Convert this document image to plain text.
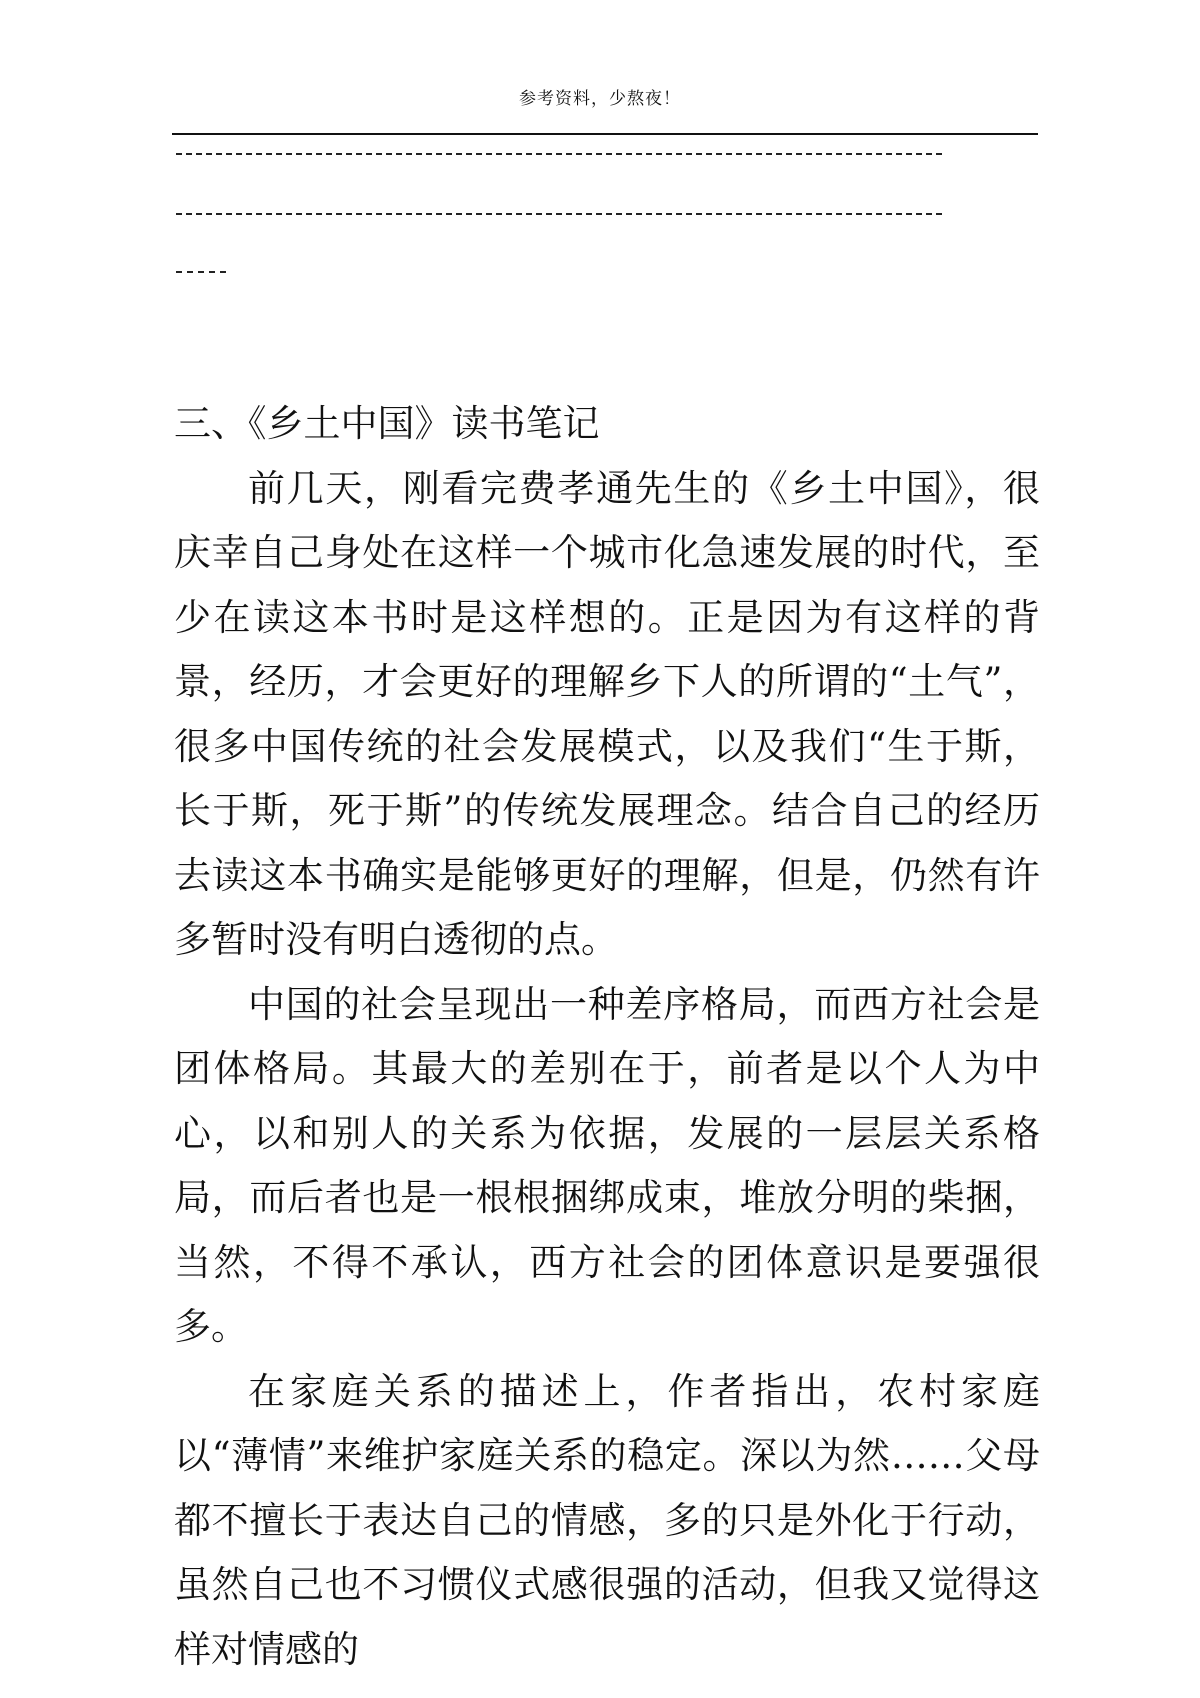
参考资料，少熬夜！
三、《乡土中国》读书笔记

前几天，刚看完费孝通先生的《乡土中国》，很庆幸自己身处在这样一个城市化急速发展的时代，至少在读这本书时是这样想的。正是因为有这样的背景，经历，才会更好的理解乡下人的所谓的“土气”，很多中国传统的社会发展模式，以及我们“生于斯，长于斯，死于斯”的传统发展理念。结合自己的经历去读这本书确实是能够更好的理解，但是，仍然有许多暂时没有明白透彻的点。

中国的社会呈现出一种差序格局，而西方社会是团体格局。其最大的差别在于，前者是以个人为中心，以和别人的关系为依据，发展的一层层关系格局，而后者也是一根根捆绑成束，堆放分明的柴捆，当然，不得不承认，西方社会的团体意识是要强很多。

在家庭关系的描述上，作者指出，农村家庭以“薄情”来维护家庭关系的稳定。深以为然……父母都不擅长于表达自己的情感，多的只是外化于行动，虽然自己也不习惯仪式感很强的活动，但我又觉得这样对情感的
